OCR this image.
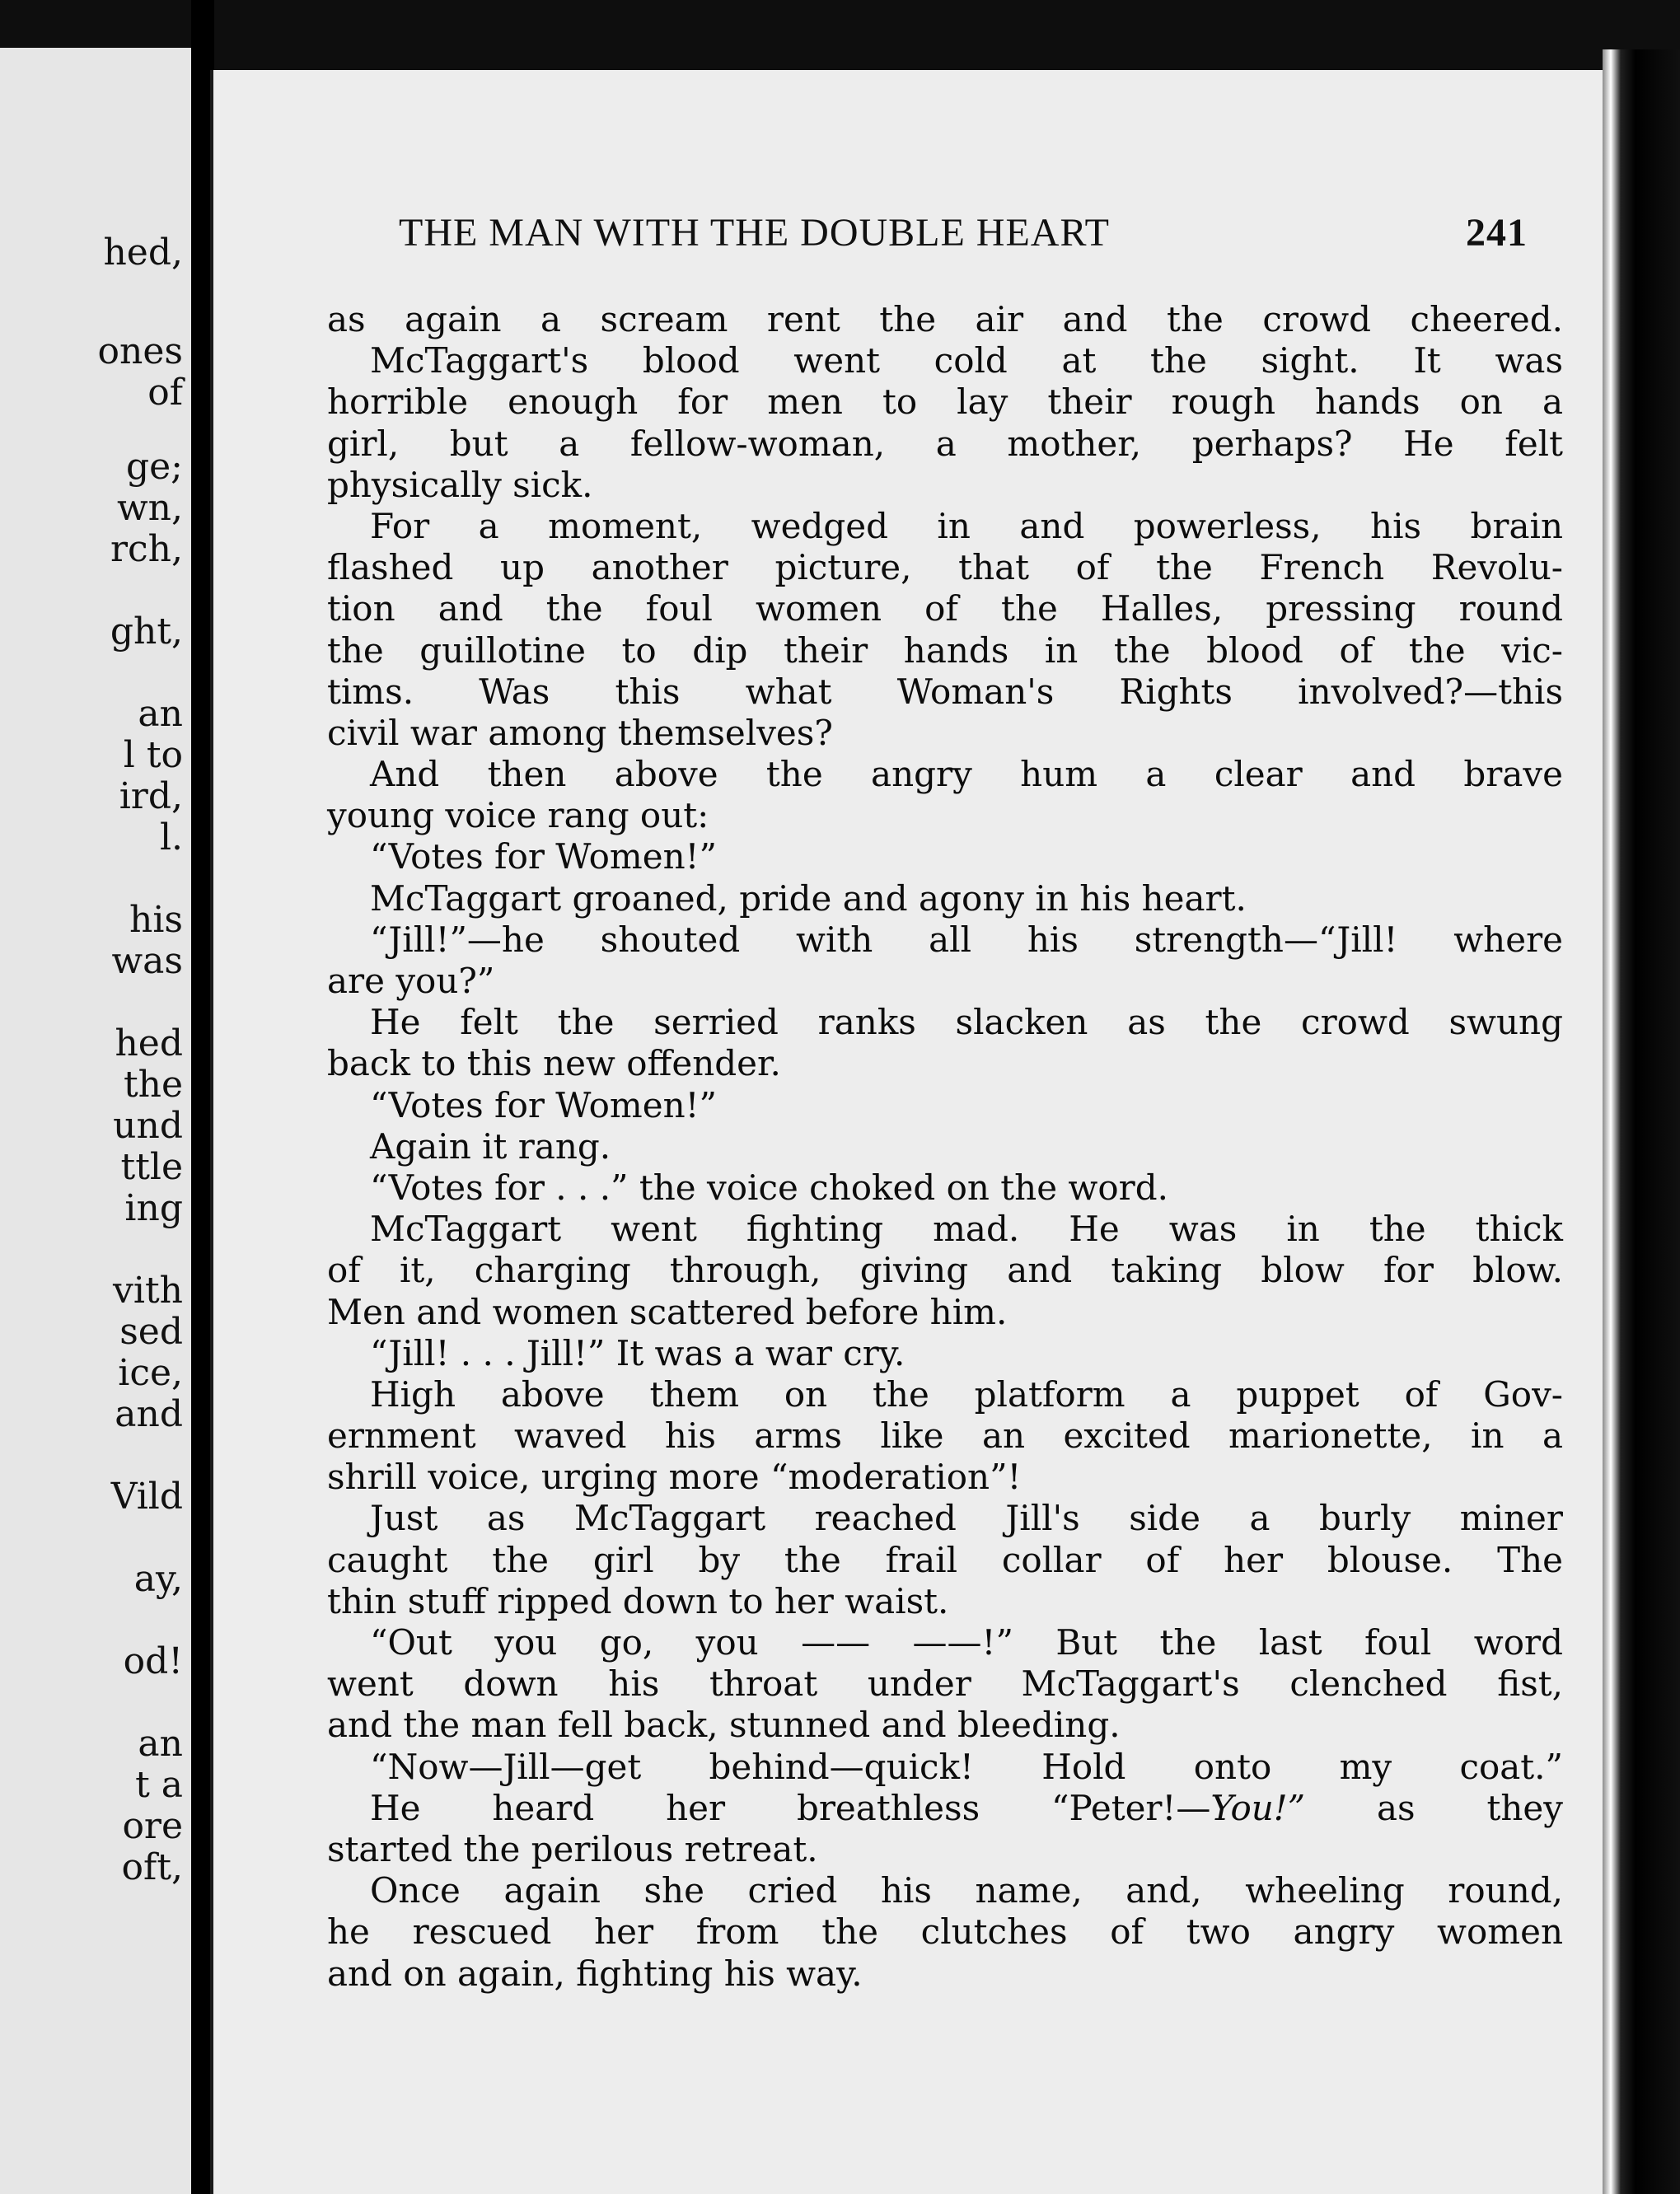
hed,
ones
of
ge;
wn,
rch,
ght,
an
l to
ird,
l.
his
was
hed
the
und
ttle
ing
vith
sed
ice,
and
Vild
ay,
od!
an
t a
ore
oft,
THE MAN WITH THE DOUBLE HEART	241
as again a scream rent the air and the crowd cheered.
McTaggart's blood went cold at the sight. It was
horrible enough for men to lay their rough hands on a
girl, but a fellow-woman, a mother, perhaps? He felt
physically sick.
For a moment, wedged in and powerless, his brain
flashed up another picture, that of the French Revolu-
tion and the foul women of the Halles, pressing round
the guillotine to dip their hands in the blood of the vic-
tims. Was this what Woman's Rights involved?—this
civil war among themselves?
And then above the angry hum a clear and brave
young voice rang out:
“Votes for Women!”
McTaggart groaned, pride and agony in his heart.
“Jill!”—he shouted with all his strength—“Jill! where
are you?”
He felt the serried ranks slacken as the crowd swung
back to this new offender.
“Votes for Women!”
Again it rang.
“Votes for . . .” the voice choked on the word.
McTaggart went fighting mad. He was in the thick
of it, charging through, giving and taking blow for blow.
Men and women scattered before him.
“Jill! . . . Jill!” It was a war cry.
High above them on the platform a puppet of Gov-
ernment waved his arms like an excited marionette, in a
shrill voice, urging more “moderation”!
Just as McTaggart reached Jill's side a burly miner
caught the girl by the frail collar of her blouse. The
thin stuff ripped down to her waist.
“Out you go, you —— ——!” But the last foul word
went down his throat under McTaggart's clenched fist,
and the man fell back, stunned and bleeding.
“Now—Jill—get behind—quick! Hold onto my coat.”
He heard her breathless “Peter!—You!” as they
started the perilous retreat.
Once again she cried his name, and, wheeling round,
he rescued her from the clutches of two angry women
and on again, fighting his way.
